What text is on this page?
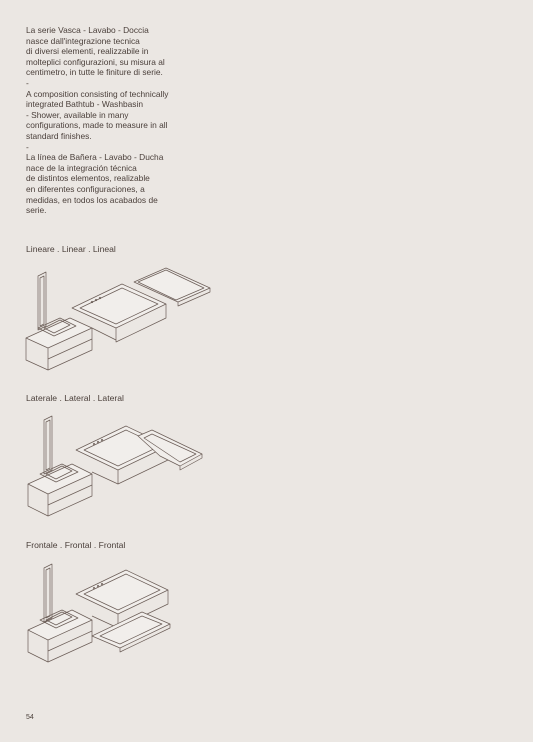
La serie Vasca - Lavabo - Doccia
nasce dall'integrazione tecnica
di diversi elementi, realizzabile in
molteplici configurazioni, su misura al
centimetro, in tutte le finiture di serie.

-

A composition consisting of technically
integrated Bathtub - Washbasin
- Shower, available in many
configurations, made to measure in all
standard finishes.

-

La línea de Bañera - Lavabo - Ducha
nace de la integración técnica
de distintos elementos, realizable
en diferentes configuraciones, a
medidas, en todos los acabados de
serie.

Lineare . Linear . Lineal
Laterale . Lateral . Lateral
Frontale . Frontal . Frontal
54
